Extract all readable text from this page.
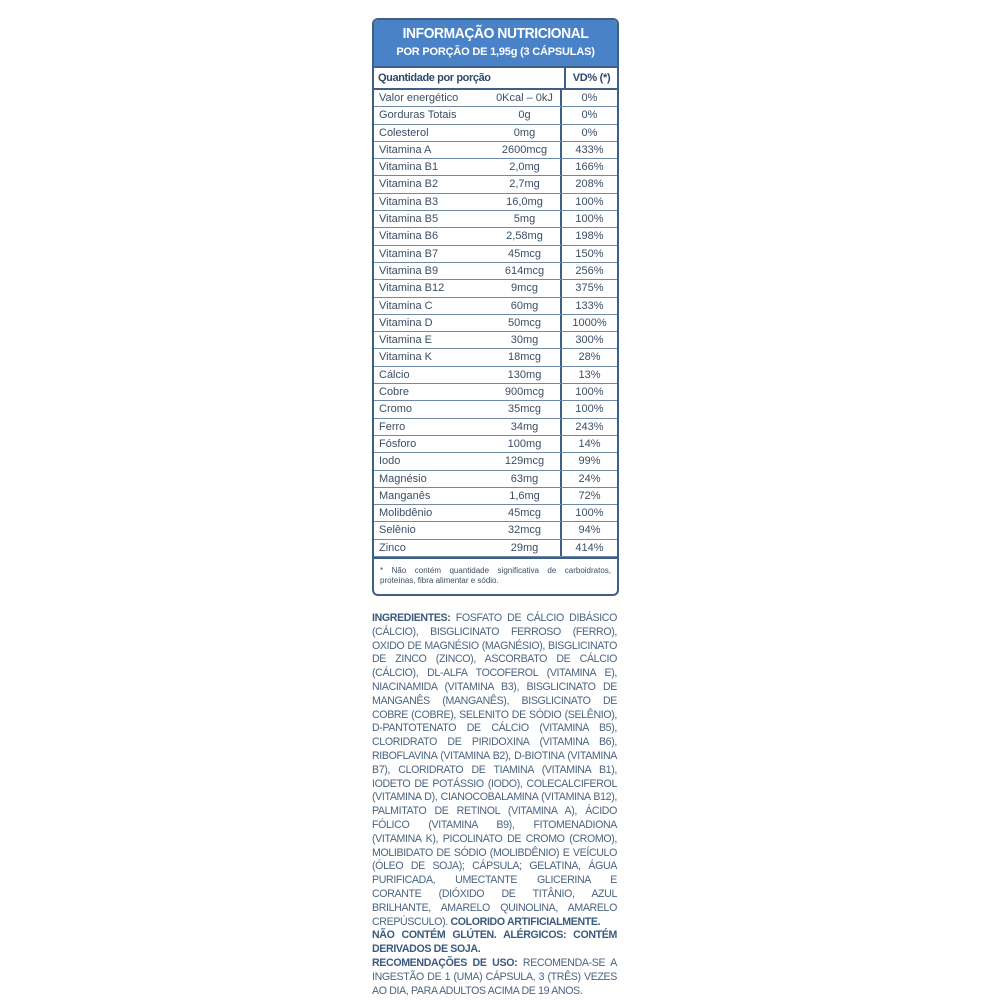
INFORMAÇÃO NUTRICIONAL
POR PORÇÃO DE 1,95g (3 CÁPSULAS)
Quantidade por porção	VD% (*)
Valor energético	0Kcal – 0kJ	0%
Gorduras Totais	0g	0%
Colesterol	0mg	0%
Vitamina A	2600mcg	433%
Vitamina B1	2,0mg	166%
Vitamina B2	2,7mg	208%
Vitamina B3	16,0mg	100%
Vitamina B5	5mg	100%
Vitamina B6	2,58mg	198%
Vitamina B7	45mcg	150%
Vitamina B9	614mcg	256%
Vitamina B12	9mcg	375%
Vitamina C	60mg	133%
Vitamina D	50mcg	1000%
Vitamina E	30mg	300%
Vitamina K	18mcg	28%
Cálcio	130mg	13%
Cobre	900mcg	100%
Cromo	35mcg	100%
Ferro	34mg	243%
Fósforo	100mg	14%
Iodo	129mcg	99%
Magnésio	63mg	24%
Manganês	1,6mg	72%
Molibdênio	45mcg	100%
Selênio	32mcg	94%
Zinco	29mg	414%
* Não contém quantidade significativa de carboidratos, proteínas, fibra alimentar e sódio.

INGREDIENTES: FOSFATO DE CÁLCIO DIBÁSICO (CÁLCIO), BISGLICINATO FERROSO (FERRO), OXIDO DE MAGNÉSIO (MAGNÉSIO), BISGLICINATO DE ZINCO (ZINCO), ASCORBATO DE CÁLCIO (CÁLCIO), DL-ALFA TOCOFEROL (VITAMINA E), NIACINAMIDA (VITAMINA B3), BISGLICINATO DE MANGANÊS (MANGANÊS), BISGLICINATO DE COBRE (COBRE), SELENITO DE SÓDIO (SELÊNIO), D-PANTOTENATO DE CÁLCIO (VITAMINA B5), CLORIDRATO DE PIRIDOXINA (VITAMINA B6), RIBOFLAVINA (VITAMINA B2), D-BIOTINA (VITAMINA B7), CLORIDRATO DE TIAMINA (VITAMINA B1), IODETO DE POTÁSSIO (IODO), COLECALCIFEROL (VITAMINA D), CIANOCOBALAMINA (VITAMINA B12), PALMITATO DE RETINOL (VITAMINA A), ÁCIDO FÓLICO (VITAMINA B9), FITOMENADIONA (VITAMINA K), PICOLINATO DE CROMO (CROMO), MOLIBIDATO DE SÓDIO (MOLIBDÊNIO) E VEÍCULO (ÓLEO DE SOJA); CÁPSULA; GELATINA, ÁGUA PURIFICADA, UMECTANTE GLICERINA E CORANTE (DIÓXIDO DE TITÂNIO, AZUL BRILHANTE, AMARELO QUINOLINA, AMARELO CREPÚSCULO). COLORIDO ARTIFICIALMENTE.

NÃO CONTÉM GLÚTEN. ALÉRGICOS: CONTÉM DERIVADOS DE SOJA.

RECOMENDAÇÕES DE USO: RECOMENDA-SE A INGESTÃO DE 1 (UMA) CÁPSULA, 3 (TRÊS) VEZES AO DIA, PARA ADULTOS ACIMA DE 19 ANOS.
